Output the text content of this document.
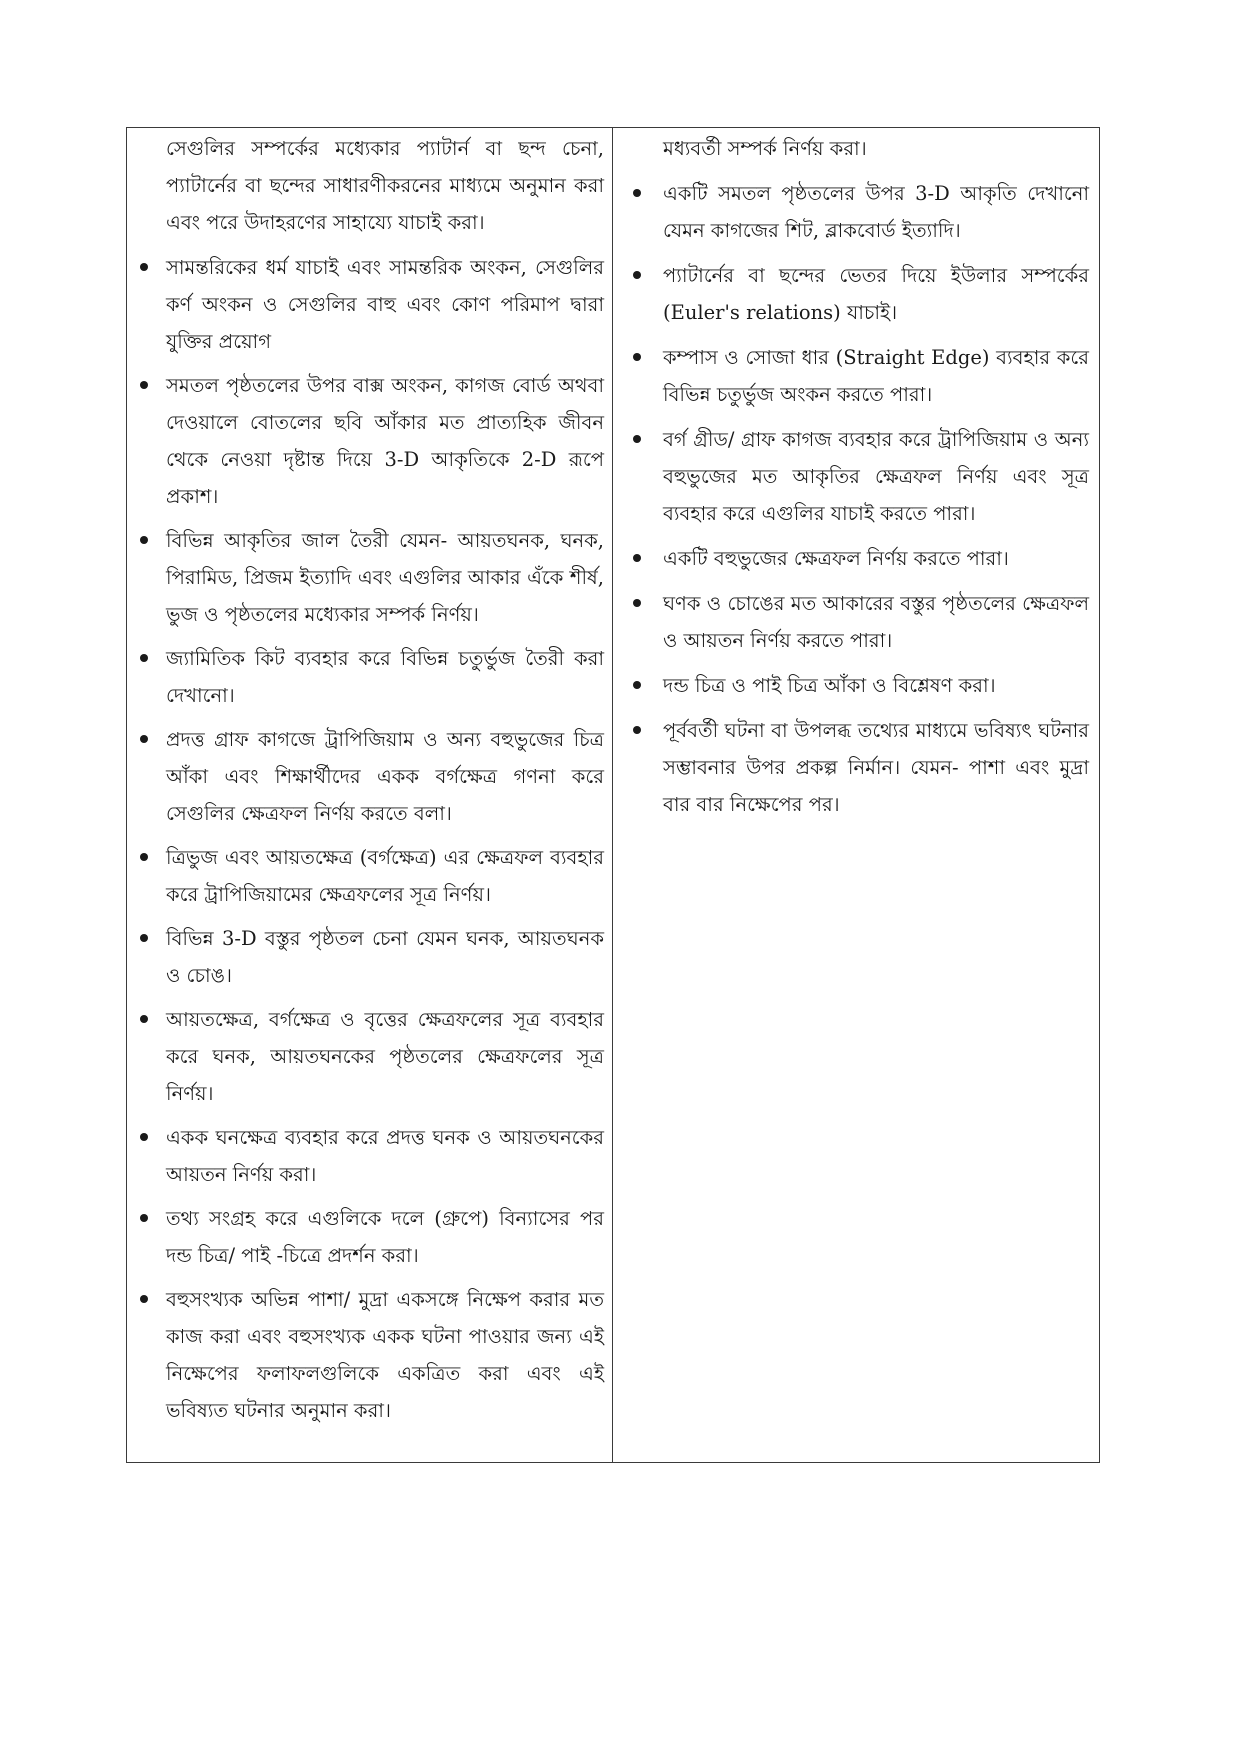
সেগুলির সম্পর্কের মধ্যেকার প্যাটার্ন বা ছন্দ চেনা, প্যাটার্নের বা ছন্দের সাধারণীকরনের মাধ্যমে অনুমান করা এবং পরে উদাহরণের সাহায্যে যাচাই করা।

সামন্তরিকের ধর্ম যাচাই এবং সামন্তরিক অংকন, সেগুলির কর্ণ অংকন ও সেগুলির বাহু এবং কোণ পরিমাপ দ্বারা যুক্তির প্রয়োগ
সমতল পৃষ্ঠতলের উপর বাক্স অংকন, কাগজ বোর্ড অথবা দেওয়ালে বোতলের ছবি আঁকার মত প্রাত্যহিক জীবন থেকে নেওয়া দৃষ্টান্ত দিয়ে 3-D আকৃতিকে 2-D রূপে প্রকাশ।
বিভিন্ন আকৃতির জাল তৈরী যেমন- আয়তঘনক, ঘনক, পিরামিড, প্রিজম ইত্যাদি এবং এগুলির আকার এঁকে শীর্ষ, ভুজ ও পৃষ্ঠতলের মধ্যেকার সম্পর্ক নির্ণয়।
জ্যামিতিক কিট ব্যবহার করে বিভিন্ন চতুর্ভুজ তৈরী করা দেখানো।
প্রদত্ত গ্রাফ কাগজে ট্রাপিজিয়াম ও অন্য বহুভুজের চিত্র আঁকা এবং শিক্ষার্থীদের একক বর্গক্ষেত্র গণনা করে সেগুলির ক্ষেত্রফল নির্ণয় করতে বলা।
ত্রিভুজ এবং আয়তক্ষেত্র (বর্গক্ষেত্র) এর ক্ষেত্রফল ব্যবহার করে ট্রাপিজিয়ামের ক্ষেত্রফলের সূত্র নির্ণয়।
বিভিন্ন 3-D বস্তুর পৃষ্ঠতল চেনা যেমন ঘনক, আয়তঘনক ও চোঙ।
আয়তক্ষেত্র, বর্গক্ষেত্র ও বৃত্তের ক্ষেত্রফলের সূত্র ব্যবহার করে ঘনক, আয়তঘনকের পৃষ্ঠতলের ক্ষেত্রফলের সূত্র নির্ণয়।
একক ঘনক্ষেত্র ব্যবহার করে প্রদত্ত ঘনক ও আয়তঘনকের আয়তন নির্ণয় করা।
তথ্য সংগ্রহ করে এগুলিকে দলে (গ্রুপে) বিন্যাসের পর দন্ড চিত্র/ পাই -চিত্রে প্রদর্শন করা।
বহুসংখ্যক অভিন্ন পাশা/ মুদ্রা একসঙ্গে নিক্ষেপ করার মত কাজ করা এবং বহুসংখ্যক একক ঘটনা পাওয়ার জন্য এই নিক্ষেপের ফলাফলগুলিকে একত্রিত করা এবং এই ভবিষ্যত ঘটনার অনুমান করা।

মধ্যবর্তী সম্পর্ক নির্ণয় করা।

একটি সমতল পৃষ্ঠতলের উপর 3-D আকৃতি দেখানো যেমন কাগজের শিট, ব্লাকবোর্ড ইত্যাদি।
প্যাটার্নের বা ছন্দের ভেতর দিয়ে ইউলার সম্পর্কের (Euler's relations) যাচাই।
কম্পাস ও সোজা ধার (Straight Edge) ব্যবহার করে বিভিন্ন চতুর্ভুজ অংকন করতে পারা।
বর্গ গ্রীড/ গ্রাফ কাগজ ব্যবহার করে ট্রাপিজিয়াম ও অন্য বহুভুজের মত আকৃতির ক্ষেত্রফল নির্ণয় এবং সূত্র ব্যবহার করে এগুলির যাচাই করতে পারা।
একটি বহুভুজের ক্ষেত্রফল নির্ণয় করতে পারা।
ঘণক ও চোঙের মত আকারের বস্তুর পৃষ্ঠতলের ক্ষেত্রফল ও আয়তন নির্ণয় করতে পারা।
দন্ড চিত্র ও পাই চিত্র আঁকা ও বিশ্লেষণ করা।
পূর্ববর্তী ঘটনা বা উপলব্ধ তথ্যের মাধ্যমে ভবিষ্যৎ ঘটনার সম্ভাবনার উপর প্রকল্প নির্মান। যেমন- পাশা এবং মুদ্রা বার বার নিক্ষেপের পর।
